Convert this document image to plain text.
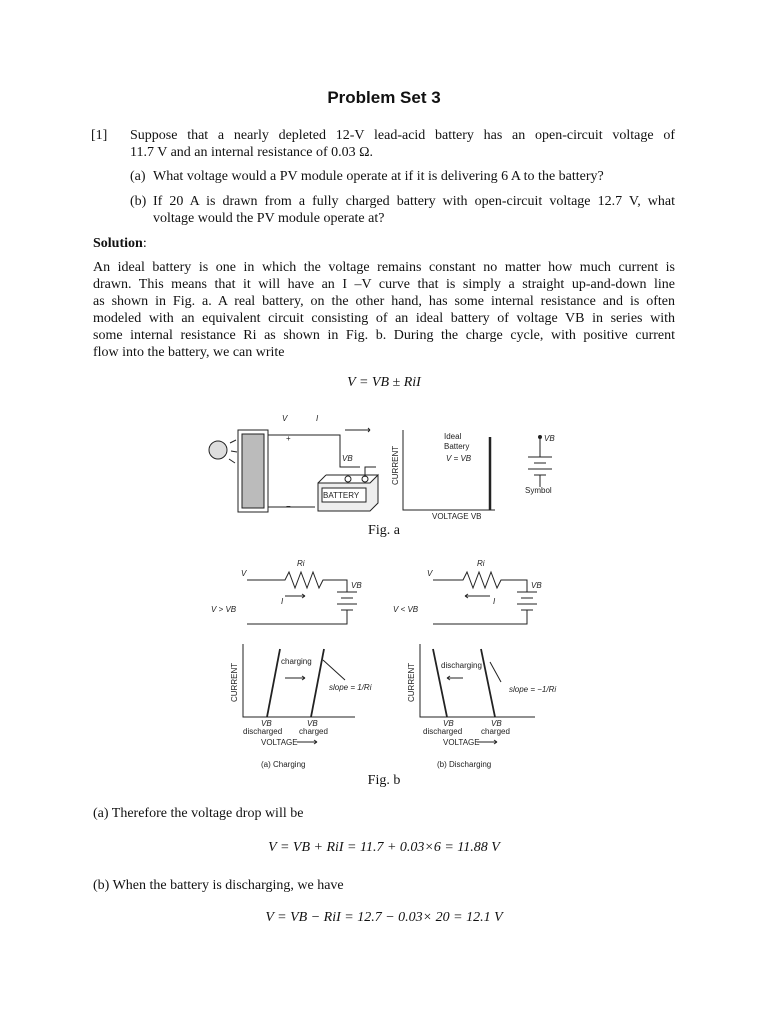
Problem Set 3
[1] Suppose that a nearly depleted 12-V lead-acid battery has an open-circuit voltage of
11.7 V and an internal resistance of 0.03 Ω.
(a) What voltage would a PV module operate at if it is delivering 6 A to the battery?
(b) If 20 A is drawn from a fully charged battery with open-circuit voltage 12.7 V, what
voltage would the PV module operate at?
Solution:
An ideal battery is one in which the voltage remains constant no matter how much current is
drawn. This means that it will have an I –V curve that is simply a straight up-and-down line
as shown in Fig. a. A real battery, on the other hand, has some internal resistance and is often
modeled with an equivalent circuit consisting of an ideal battery of voltage VB in series with
some internal resistance Ri as shown in Fig. b. During the charge cycle, with positive current
flow into the battery, we can write
V = VB ± RiI
V	I
+
−
VB
BATTERY
CURRENT
Ideal
Battery
V = VB
VOLTAGE VB
VB
Symbol
Fig. a
Ri
V
I
VB
V > VB
CURRENT
charging
slope = 1/Ri
VB
discharged
VB
charged
VOLTAGE
(a) Charging
Ri
V
I
VB
V < VB
CURRENT	discharging
slope = −1/Ri
VB
discharged
VB
charged
VOLTAGE
(b) Discharging
Fig. b
(a) Therefore the voltage drop will be
V = VB + RiI = 11.7 + 0.03×6 = 11.88 V
(b) When the battery is discharging, we have
V = VB − RiI = 12.7 − 0.03× 20 = 12.1 V
